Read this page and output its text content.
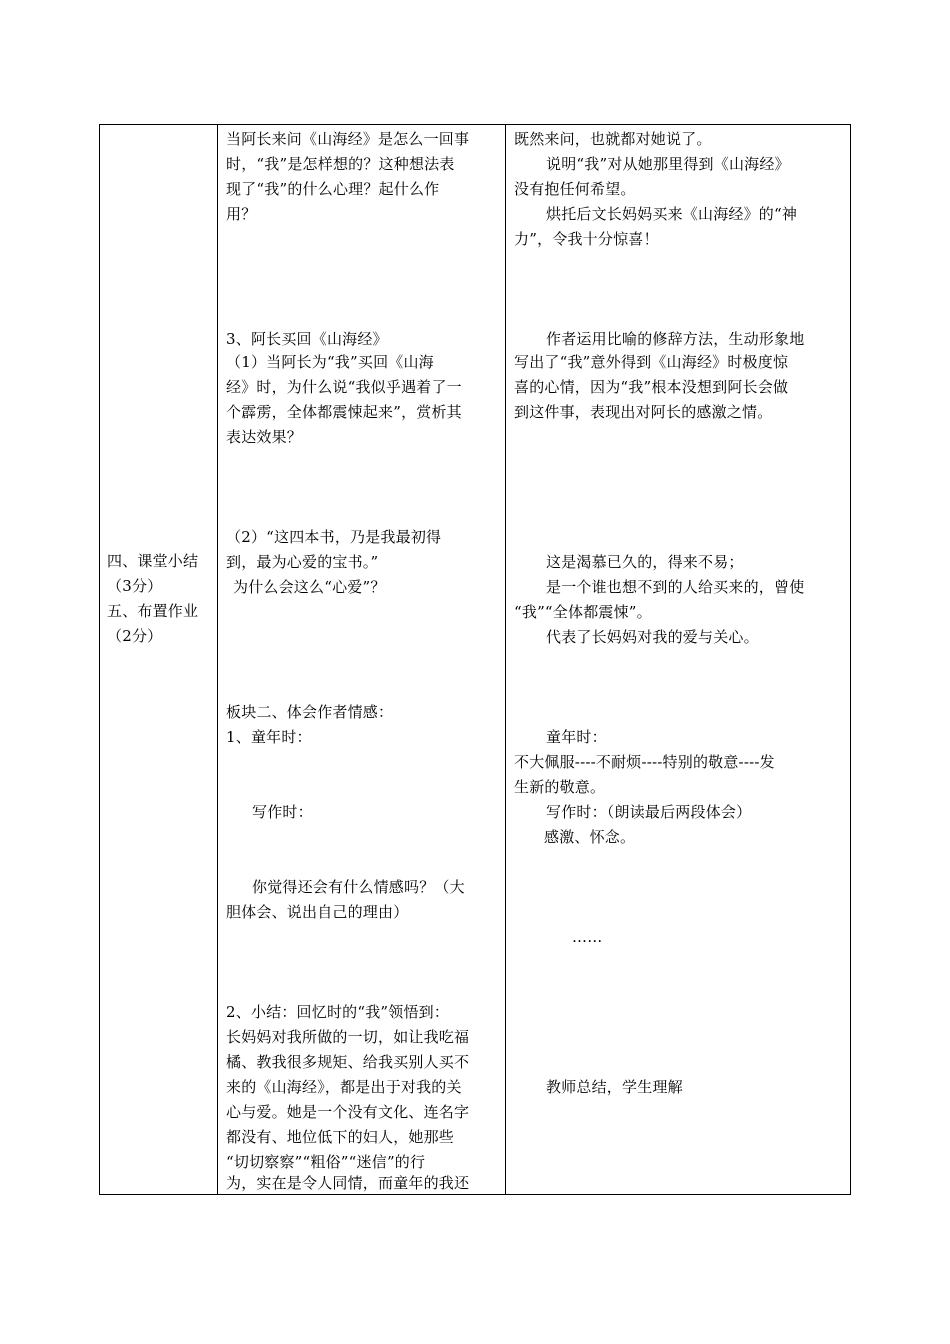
四、课堂小结
（3分）
五、布置作业
（2分）
当阿长来问《山海经》是怎么一回事
时，“我”是怎样想的？这种想法表
现了“我”的什么心理？起什么作
用？
3、阿长买回《山海经》
（1）当阿长为“我”买回《山海
经》时，为什么说“我似乎遇着了一
个霹雳，全体都震悚起来”，赏析其
表达效果？
（2）“这四本书，乃是我最初得
到，最为心爱的宝书。”
为什么会这么“心爱”？
板块二、体会作者情感：
1、童年时：
写作时：
你觉得还会有什么情感吗？（大
胆体会、说出自己的理由）
2、小结：回忆时的“我”领悟到：
长妈妈对我所做的一切，如让我吃福
橘、教我很多规矩、给我买别人买不
来的《山海经》，都是出于对我的关
心与爱。她是一个没有文化、连名字
都没有、地位低下的妇人，她那些
“切切察察”“粗俗”“迷信”的行
为，实在是令人同情，而童年的我还
既然来问，也就都对她说了。
说明“我”对从她那里得到《山海经》
没有抱任何希望。
烘托后文长妈妈买来《山海经》的“神
力”，令我十分惊喜！
作者运用比喻的修辞方法，生动形象地
写出了“我”意外得到《山海经》时极度惊
喜的心情，因为“我”根本没想到阿长会做
到这件事，表现出对阿长的感激之情。
这是渴慕已久的，得来不易；
是一个谁也想不到的人给买来的，曾使
“我”“全体都震悚”。
代表了长妈妈对我的爱与关心。
童年时：
不大佩服----不耐烦----特别的敬意----发
生新的敬意。
写作时：（朗读最后两段体会）
感激、怀念。
……
教师总结，学生理解
